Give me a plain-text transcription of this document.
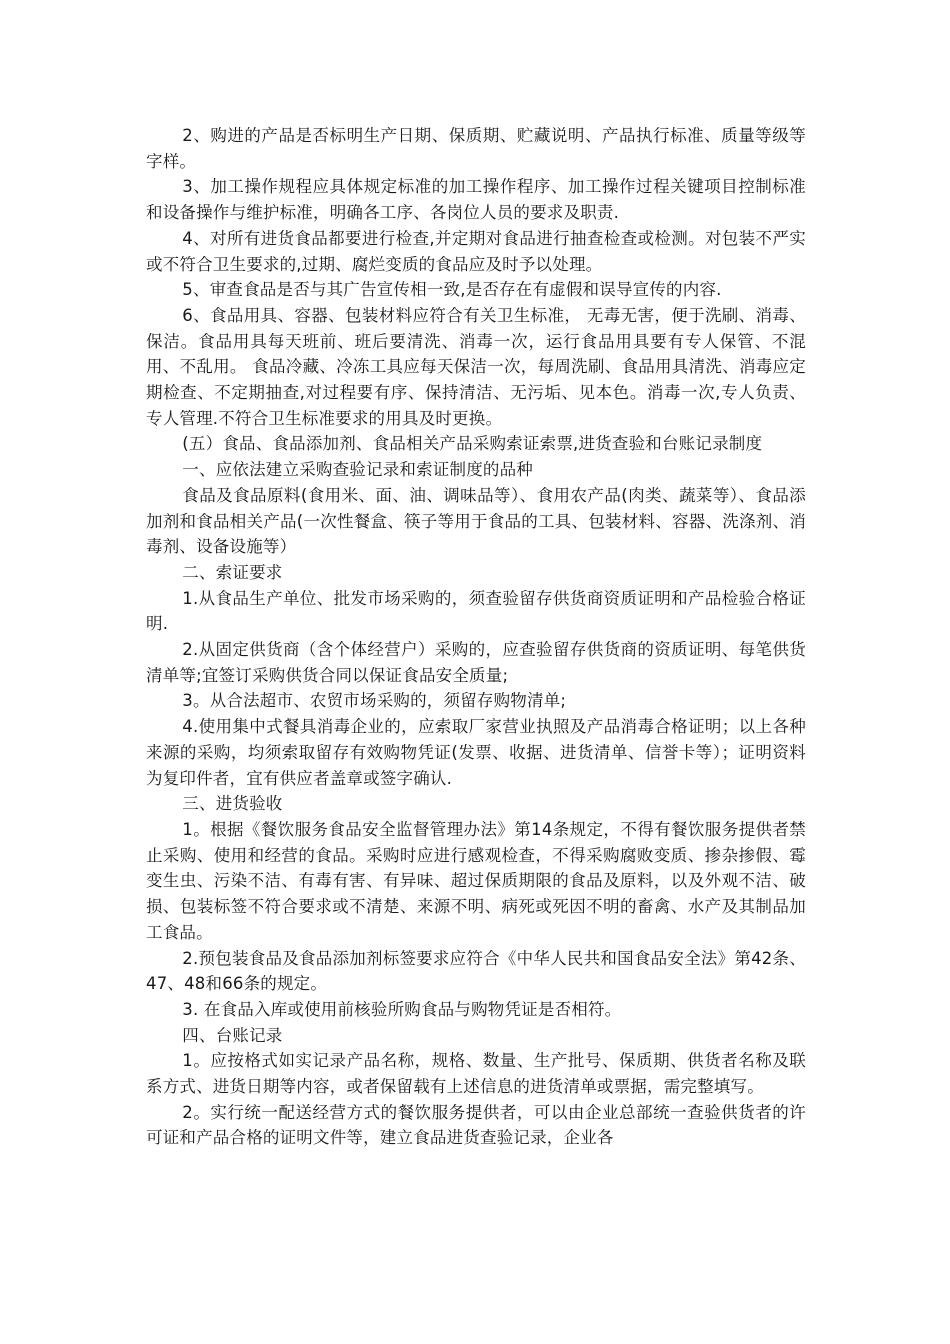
2、购进的产品是否标明生产日期、保质期、贮藏说明、产品执行标准、质量等级等字样。

3、加工操作规程应具体规定标准的加工操作程序、加工操作过程关键项目控制标准和设备操作与维护标准，明确各工序、各岗位人员的要求及职责.

4、对所有进货食品都要进行检查,并定期对食品进行抽查检查或检测。对包装不严实或不符合卫生要求的,过期、腐烂变质的食品应及时予以处理。

5、审查食品是否与其广告宣传相一致,是否存在有虚假和误导宣传的内容.

6、食品用具、容器、包装材料应符合有关卫生标准， 无毒无害，便于洗刷、消毒、保洁。食品用具每天班前、班后要清洗、消毒一次，运行食品用具要有专人保管、不混用、不乱用。 食品冷藏、冷冻工具应每天保洁一次，每周洗刷、食品用具清洗、消毒应定期检查、不定期抽查,对过程要有序、保持清洁、无污垢、见本色。消毒一次,专人负责、专人管理.不符合卫生标准要求的用具及时更换。

(五）食品、食品添加剂、食品相关产品采购索证索票,进货查验和台账记录制度

一、应依法建立采购查验记录和索证制度的品种

食品及食品原料(食用米、面、油、调味品等）、食用农产品(肉类、蔬菜等）、食品添加剂和食品相关产品(一次性餐盒、筷子等用于食品的工具、包装材料、容器、洗涤剂、消毒剂、设备设施等）

二、索证要求

1.从食品生产单位、批发市场采购的，须查验留存供货商资质证明和产品检验合格证明.

2.从固定供货商（含个体经营户）采购的，应查验留存供货商的资质证明、每笔供货清单等;宜签订采购供货合同以保证食品安全质量;

3。从合法超市、农贸市场采购的，须留存购物清单;

4.使用集中式餐具消毒企业的，应索取厂家营业执照及产品消毒合格证明；以上各种来源的采购，均须索取留存有效购物凭证(发票、收据、进货清单、信誉卡等）；证明资料为复印件者，宜有供应者盖章或签字确认.

三、进货验收

1。根据《餐饮服务食品安全监督管理办法》第14条规定，不得有餐饮服务提供者禁止采购、使用和经营的食品。采购时应进行感观检查，不得采购腐败变质、掺杂掺假、霉变生虫、污染不洁、有毒有害、有异味、超过保质期限的食品及原料，以及外观不洁、破损、包装标签不符合要求或不清楚、来源不明、病死或死因不明的畜禽、水产及其制品加工食品。

2.预包装食品及食品添加剂标签要求应符合《中华人民共和国食品安全法》第42条、47、48和66条的规定。

3. 在食品入库或使用前核验所购食品与购物凭证是否相符。

四、台账记录

1。应按格式如实记录产品名称，规格、数量、生产批号、保质期、供货者名称及联系方式、进货日期等内容，或者保留载有上述信息的进货清单或票据，需完整填写。

2。实行统一配送经营方式的餐饮服务提供者，可以由企业总部统一查验供货者的许可证和产品合格的证明文件等，建立食品进货查验记录，企业各
